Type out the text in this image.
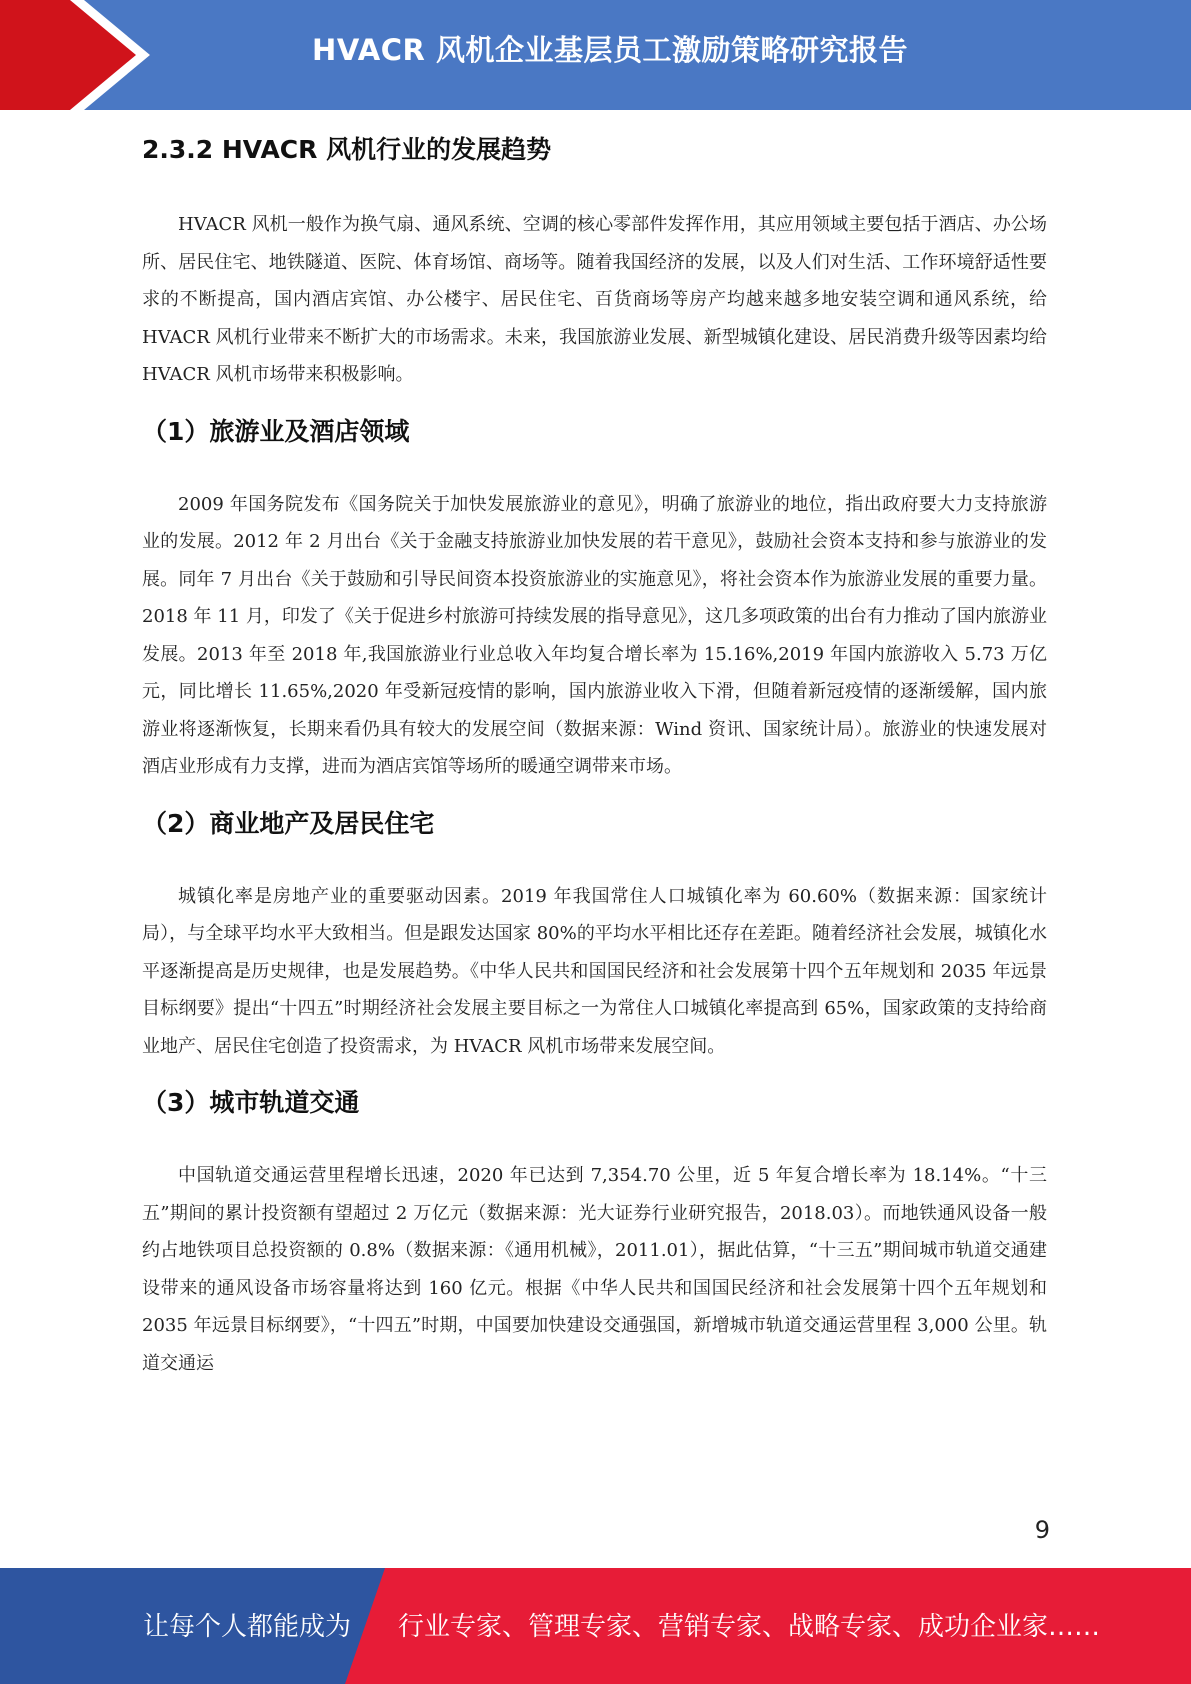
HVACR 风机企业基层员工激励策略研究报告
2.3.2 HVACR 风机行业的发展趋势

HVACR 风机一般作为换气扇、通风系统、空调的核心零部件发挥作用，其应用领域主要包括于酒店、办公场所、居民住宅、地铁隧道、医院、体育场馆、商场等。随着我国经济的发展，以及人们对生活、工作环境舒适性要求的不断提高，国内酒店宾馆、办公楼宇、居民住宅、百货商场等房产均越来越多地安装空调和通风系统，给 HVACR 风机行业带来不断扩大的市场需求。未来，我国旅游业发展、新型城镇化建设、居民消费升级等因素均给 HVACR 风机市场带来积极影响。

（1）旅游业及酒店领域

2009 年国务院发布《国务院关于加快发展旅游业的意见》，明确了旅游业的地位，指出政府要大力支持旅游业的发展。2012 年 2 月出台《关于金融支持旅游业加快发展的若干意见》，鼓励社会资本支持和参与旅游业的发展。同年 7 月出台《关于鼓励和引导民间资本投资旅游业的实施意见》，将社会资本作为旅游业发展的重要力量。2018 年 11 月，印发了《关于促进乡村旅游可持续发展的指导意见》，这几多项政策的出台有力推动了国内旅游业发展。2013 年至 2018 年,我国旅游业行业总收入年均复合增长率为 15.16%,2019 年国内旅游收入 5.73 万亿元，同比增长 11.65%,2020 年受新冠疫情的影响，国内旅游业收入下滑，但随着新冠疫情的逐渐缓解，国内旅游业将逐渐恢复，长期来看仍具有较大的发展空间（数据来源：Wind 资讯、国家统计局）。旅游业的快速发展对酒店业形成有力支撑，进而为酒店宾馆等场所的暖通空调带来市场。

（2）商业地产及居民住宅

城镇化率是房地产业的重要驱动因素。2019 年我国常住人口城镇化率为 60.60%（数据来源：国家统计局），与全球平均水平大致相当。但是跟发达国家 80%的平均水平相比还存在差距。随着经济社会发展，城镇化水平逐渐提高是历史规律，也是发展趋势。《中华人民共和国国民经济和社会发展第十四个五年规划和 2035 年远景目标纲要》提出“十四五”时期经济社会发展主要目标之一为常住人口城镇化率提高到 65%，国家政策的支持给商业地产、居民住宅创造了投资需求，为 HVACR 风机市场带来发展空间。

（3）城市轨道交通

中国轨道交通运营里程增长迅速，2020 年已达到 7,354.70 公里，近 5 年复合增长率为 18.14%。“十三五”期间的累计投资额有望超过 2 万亿元（数据来源：光大证券行业研究报告，2018.03）。而地铁通风设备一般约占地铁项目总投资额的 0.8%（数据来源：《通用机械》，2011.01），据此估算，“十三五”期间城市轨道交通建设带来的通风设备市场容量将达到 160 亿元。根据《中华人民共和国国民经济和社会发展第十四个五年规划和 2035 年远景目标纲要》，“十四五”时期，中国要加快建设交通强国，新增城市轨道交通运营里程 3,000 公里。轨道交通运

9
让每个人都能成为 行业专家、管理专家、营销专家、战略专家、成功企业家……
